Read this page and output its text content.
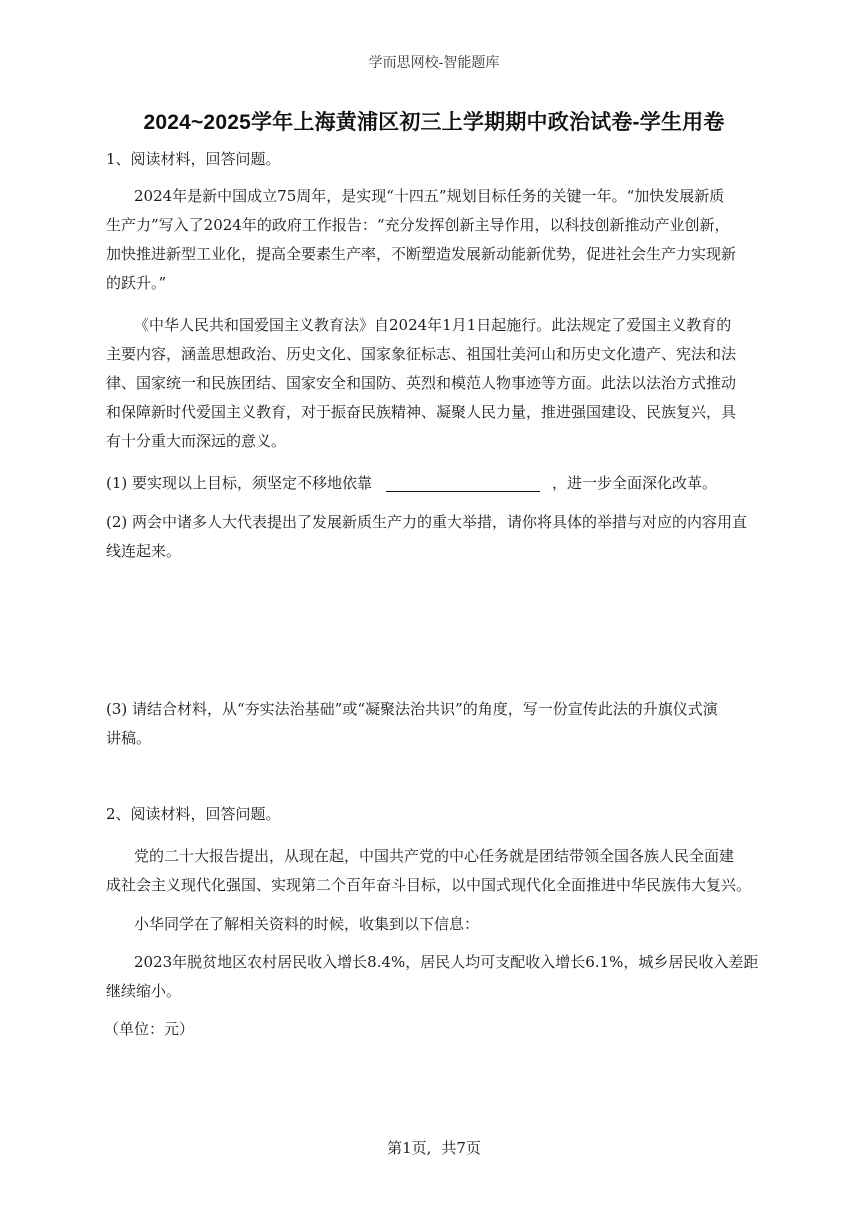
学而思网校-智能题库
2024~2025学年上海黄浦区初三上学期期中政治试卷-学生用卷
1、阅读材料，回答问题。
2024年是新中国成立75周年，是实现“十四五”规划目标任务的关键一年。“加快发展新质
生产力”写入了2024年的政府工作报告：“充分发挥创新主导作用，以科技创新推动产业创新，
加快推进新型工业化，提高全要素生产率，不断塑造发展新动能新优势，促进社会生产力实现新
的跃升。”
《中华人民共和国爱国主义教育法》自2024年1月1日起施行。此法规定了爱国主义教育的
主要内容，涵盖思想政治、历史文化、国家象征标志、祖国壮美河山和历史文化遗产、宪法和法
律、国家统一和民族团结、国家安全和国防、英烈和模范人物事迹等方面。此法以法治方式推动
和保障新时代爱国主义教育，对于振奋民族精神、凝聚人民力量，推进强国建设、民族复兴，具
有十分重大而深远的意义。
(1) 要实现以上目标，须坚定不移地依靠	，进一步全面深化改革。
(2) 两会中诸多人大代表提出了发展新质生产力的重大举措，请你将具体的举措与对应的内容用直
线连起来。
(3) 请结合材料，从“夯实法治基础”或“凝聚法治共识”的角度，写一份宣传此法的升旗仪式演
讲稿。
2、阅读材料，回答问题。
党的二十大报告提出，从现在起，中国共产党的中心任务就是团结带领全国各族人民全面建
成社会主义现代化强国、实现第二个百年奋斗目标，以中国式现代化全面推进中华民族伟大复兴。
小华同学在了解相关资料的时候，收集到以下信息：
2023年脱贫地区农村居民收入增长8.4%，居民人均可支配收入增长6.1%，城乡居民收入差距
继续缩小。
（单位：元）
第1页, 共7页
